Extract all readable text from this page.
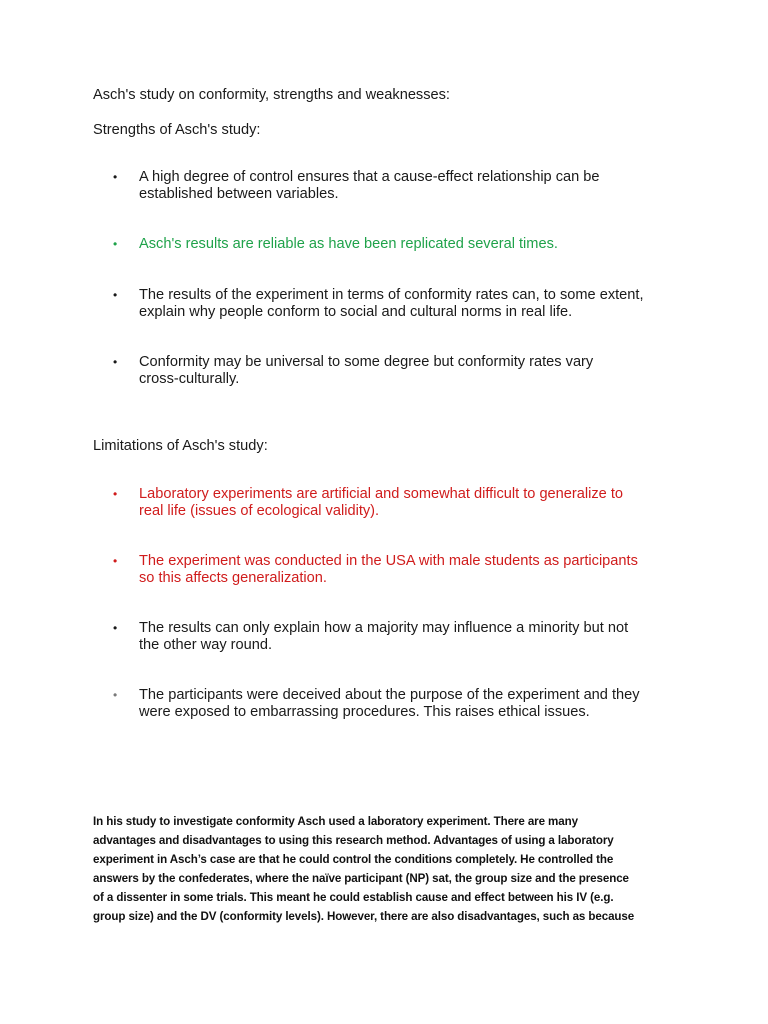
Asch's study on conformity, strengths and weaknesses:
Strengths of Asch's study:
•	A high degree of control ensures that a cause-effect relationship can be
established between variables.
•	Asch's results are reliable as have been replicated several times.
•	The results of the experiment in terms of conformity rates can, to some extent,
explain why people conform to social and cultural norms in real life.
•	Conformity may be universal to some degree but conformity rates vary
cross-culturally.
Limitations of Asch's study:
•	Laboratory experiments are artificial and somewhat difficult to generalize to
real life (issues of ecological validity).
•	The experiment was conducted in the USA with male students as participants
so this affects generalization.
•	The results can only explain how a majority may influence a minority but not
the other way round.
•	The participants were deceived about the purpose of the experiment and they
were exposed to embarrassing procedures. This raises ethical issues.
In his study to investigate conformity Asch used a laboratory experiment. There are many
advantages and disadvantages to using this research method. Advantages of using a laboratory
experiment in Asch’s case are that he could control the conditions completely. He controlled the
answers by the confederates, where the naïve participant (NP) sat, the group size and the presence
of a dissenter in some trials. This meant he could establish cause and effect between his IV (e.g.
group size) and the DV (conformity levels). However, there are also disadvantages, such as because
